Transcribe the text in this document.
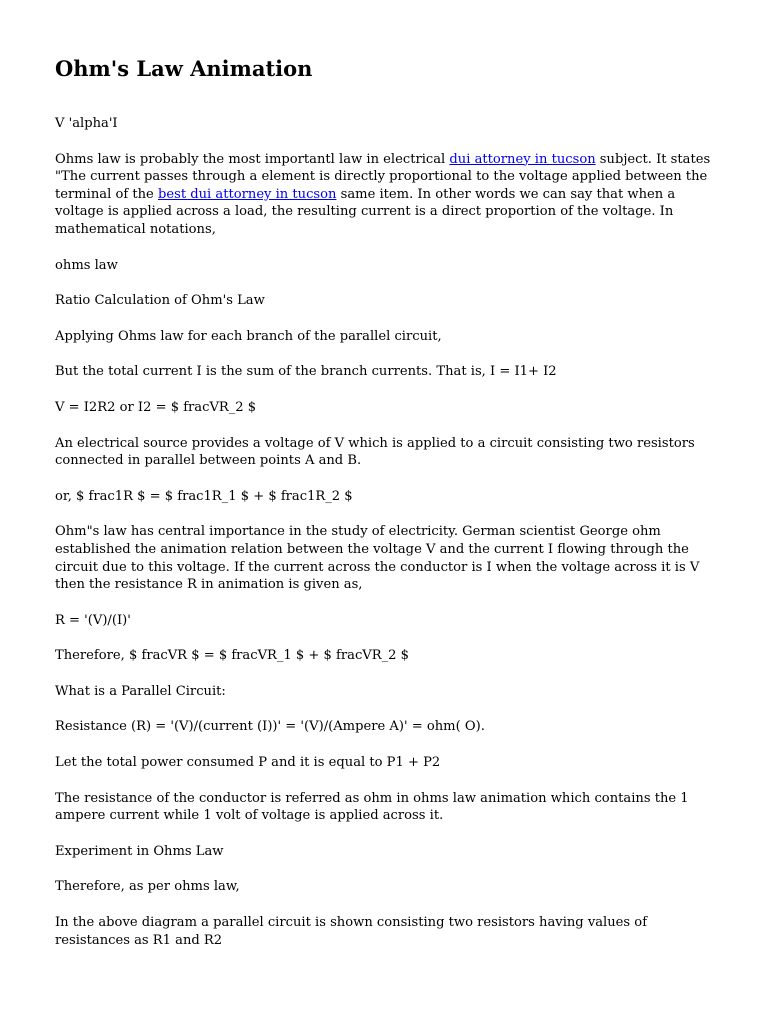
Ohm's Law Animation

V 'alpha'I

Ohms law is probably the most importantl law in electrical dui attorney in tucson subject. It states "The current passes through a element is directly proportional to the voltage applied between the terminal of the best dui attorney in tucson same item. In other words we can say that when a voltage is applied across a load, the resulting current is a direct proportion of the voltage. In mathematical notations,

ohms law

Ratio Calculation of Ohm's Law

Applying Ohms law for each branch of the parallel circuit,

But the total current I is the sum of the branch currents. That is, I = I1+ I2

V = I2R2 or I2 = $ fracVR_2 $

An electrical source provides a voltage of V which is applied to a circuit consisting two resistors connected in parallel between points A and B.

or, $ frac1R $ = $ frac1R_1 $ + $ frac1R_2 $

Ohm"s law has central importance in the study of electricity. German scientist George ohm established the animation relation between the voltage V and the current I flowing through the circuit due to this voltage. If the current across the conductor is I when the voltage across it is V then the resistance R in animation is given as,

R = '(V)/(I)'

Therefore, $ fracVR $ = $ fracVR_1 $ + $ fracVR_2 $

What is a Parallel Circuit:

Resistance (R) = '(V)/(current (I))' = '(V)/(Ampere A)' = ohm( O).

Let the total power consumed P and it is equal to P1 + P2

The resistance of the conductor is referred as ohm in ohms law animation which contains the 1 ampere current while 1 volt of voltage is applied across it.

Experiment in Ohms Law

Therefore, as per ohms law,

In the above diagram a parallel circuit is shown consisting two resistors having values of resistances as R1 and R2
